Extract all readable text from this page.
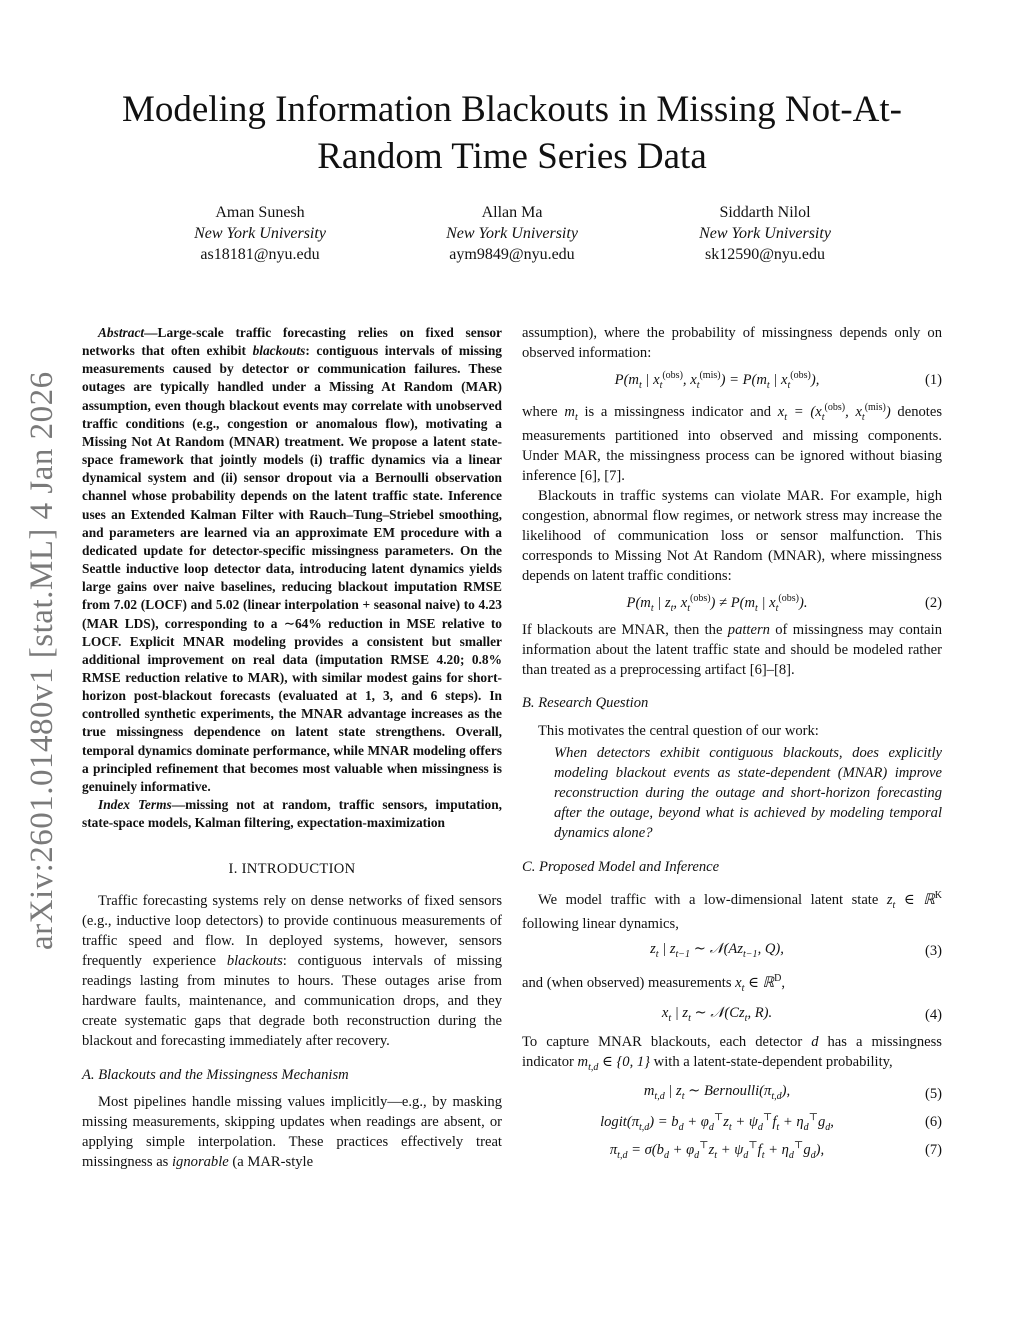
arXiv:2601.01480v1 [stat.ML] 4 Jan 2026
Modeling Information Blackouts in Missing Not-At-Random Time Series Data
Aman Sunesh
New York University
as18181@nyu.edu
Allan Ma
New York University
aym9849@nyu.edu
Siddarth Nilol
New York University
sk12590@nyu.edu

Abstract—Large-scale traffic forecasting relies on fixed sensor networks that often exhibit blackouts: contiguous intervals of missing measurements caused by detector or communication failures. These outages are typically handled under a Missing At Random (MAR) assumption, even though blackout events may correlate with unobserved traffic conditions (e.g., congestion or anomalous flow), motivating a Missing Not At Random (MNAR) treatment. We propose a latent state-space framework that jointly models (i) traffic dynamics via a linear dynamical system and (ii) sensor dropout via a Bernoulli observation channel whose probability depends on the latent traffic state. Inference uses an Extended Kalman Filter with Rauch–Tung–Striebel smoothing, and parameters are learned via an approximate EM procedure with a dedicated update for detector-specific missingness parameters. On the Seattle inductive loop detector data, introducing latent dynamics yields large gains over naive baselines, reducing blackout imputation RMSE from 7.02 (LOCF) and 5.02 (linear interpolation + seasonal naive) to 4.23 (MAR LDS), corresponding to a ∼64% reduction in MSE relative to LOCF. Explicit MNAR modeling provides a consistent but smaller additional improvement on real data (imputation RMSE 4.20; 0.8% RMSE reduction relative to MAR), with similar modest gains for short-horizon post-blackout forecasts (evaluated at 1, 3, and 6 steps). In controlled synthetic experiments, the MNAR advantage increases as the true missingness dependence on latent state strengthens. Overall, temporal dynamics dominate performance, while MNAR modeling offers a principled refinement that becomes most valuable when missingness is genuinely informative.

Index Terms—missing not at random, traffic sensors, imputation, state-space models, Kalman filtering, expectation-maximization

I. INTRODUCTION

Traffic forecasting systems rely on dense networks of fixed sensors (e.g., inductive loop detectors) to provide continuous measurements of traffic speed and flow. In deployed systems, however, sensors frequently experience blackouts: contiguous intervals of missing readings lasting from minutes to hours. These outages arise from hardware faults, maintenance, and communication drops, and they create systematic gaps that degrade both reconstruction during the blackout and forecasting immediately after recovery.

A. Blackouts and the Missingness Mechanism

Most pipelines handle missing values implicitly—e.g., by masking missing measurements, skipping updates when readings are absent, or applying simple interpolation. These practices effectively treat missingness as ignorable (a MAR-style

assumption), where the probability of missingness depends only on observed information:

$P(m_t$ | $x_t^{(obs)}$, $x_t^{(mis)}) = P(m_t$ | $x_t^{(obs)}$),	(1)

where $m_t$ is a missingness indicator and $x_t = (x_t^{(obs)}$, $x_t^{(mis)}$) denotes measurements partitioned into observed and missing components. Under MAR, the missingness process can be ignored without biasing inference [6], [7].

Blackouts in traffic systems can violate MAR. For example, high congestion, abnormal flow regimes, or network stress may increase the likelihood of communication loss or sensor malfunction. This corresponds to Missing Not At Random (MNAR), where missingness depends on latent traffic conditions:

$P(m_t$ | $z_t$, $x_t^{(obs)}) \ne P(m_t$ | $x_t^{(obs)}$).	(2)

If blackouts are MNAR, then the pattern of missingness may contain information about the latent traffic state and should be modeled rather than treated as a preprocessing artifact [6]–[8].

B. Research Question

This motivates the central question of our work:

When detectors exhibit contiguous blackouts, does explicitly modeling blackout events as state-dependent (MNAR) improve reconstruction during the outage and short-horizon forecasting after the outage, beyond what is achieved by modeling temporal dynamics alone?
C. Proposed Model and Inference

We model traffic with a low-dimensional latent state $z_t$ ∈ ℝ$^K$ following linear dynamics,

$z_t$ | $z_{t-1}$ ∼ $𝒩(Az_{t-1}$, Q),	(3)

and (when observed) measurements $x_t$ ∈ ℝ$^D$,

$x_t$ | $z_t$ ∼ $𝒩(Cz_t$, R).	(4)

To capture MNAR blackouts, each detector d has a missingness indicator $m_{t,d}$ ∈ {0, 1} with a latent-state-dependent probability,

$m_{t,d}$ | $z_t$ ∼ $Bernoulli(\pi_{t,d})$,	(5)
$logit(\pi_{t,d}) = b_d + \varphi_d^⊤z_t + \psi_d^⊤f_t + \eta_d^⊤g_d$,	(6)
$\pi_{t,d} = \sigma(b_d + \varphi_d^⊤z_t + \psi_d^⊤f_t + \eta_d^⊤g_d)$,	(7)
